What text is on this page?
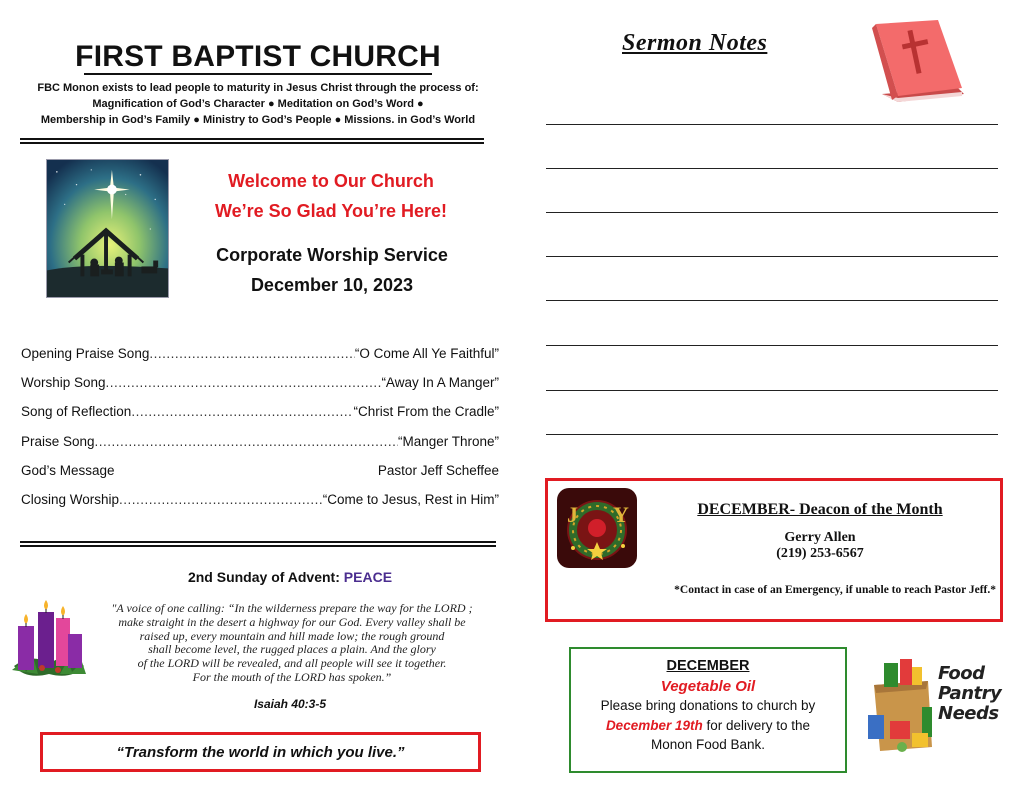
FIRST BAPTIST CHURCH
FBC Monon exists to lead people to maturity in Jesus Christ through the process of:
Magnification of God’s Character ● Meditation on God’s Word ●
Membership in God’s Family ● Ministry to God’s People ● Missions. in God’s World
Welcome to Our Church
We’re So Glad You’re Here!
Corporate Worship Service
December 10, 2023
Opening Praise Song .....	“O Come All Ye Faithful”
Worship Song .....	“Away In A Manger”
Song of Reflection .....	“Christ From the Cradle”
Praise Song .....	“Manger Throne”
God’s Message	Pastor Jeff Scheffee
Closing Worship .....	“Come to Jesus, Rest in Him”
2nd Sunday of Advent: PEACE
"A voice of one calling: “In the wilderness prepare the way for the LORD ;
make straight in the desert a highway for our God. Every valley shall be
raised up, every mountain and hill made low; the rough ground
shall become level, the rugged places a plain. And the glory
of the LORD will be revealed, and all people will see it together.
For the mouth of the LORD has spoken.”
Isaiah 40:3-5
“Transform the world in which you live.”
Sermon Notes
J Y	DECEMBER- Deacon of the Month
Gerry Allen
(219) 253-6567
*Contact in case of an Emergency, if unable to reach Pastor Jeff.*
DECEMBER
Vegetable Oil
Please bring donations to church by
December 19th for delivery to the
Monon Food Bank.
Food
Pantry
Needs
